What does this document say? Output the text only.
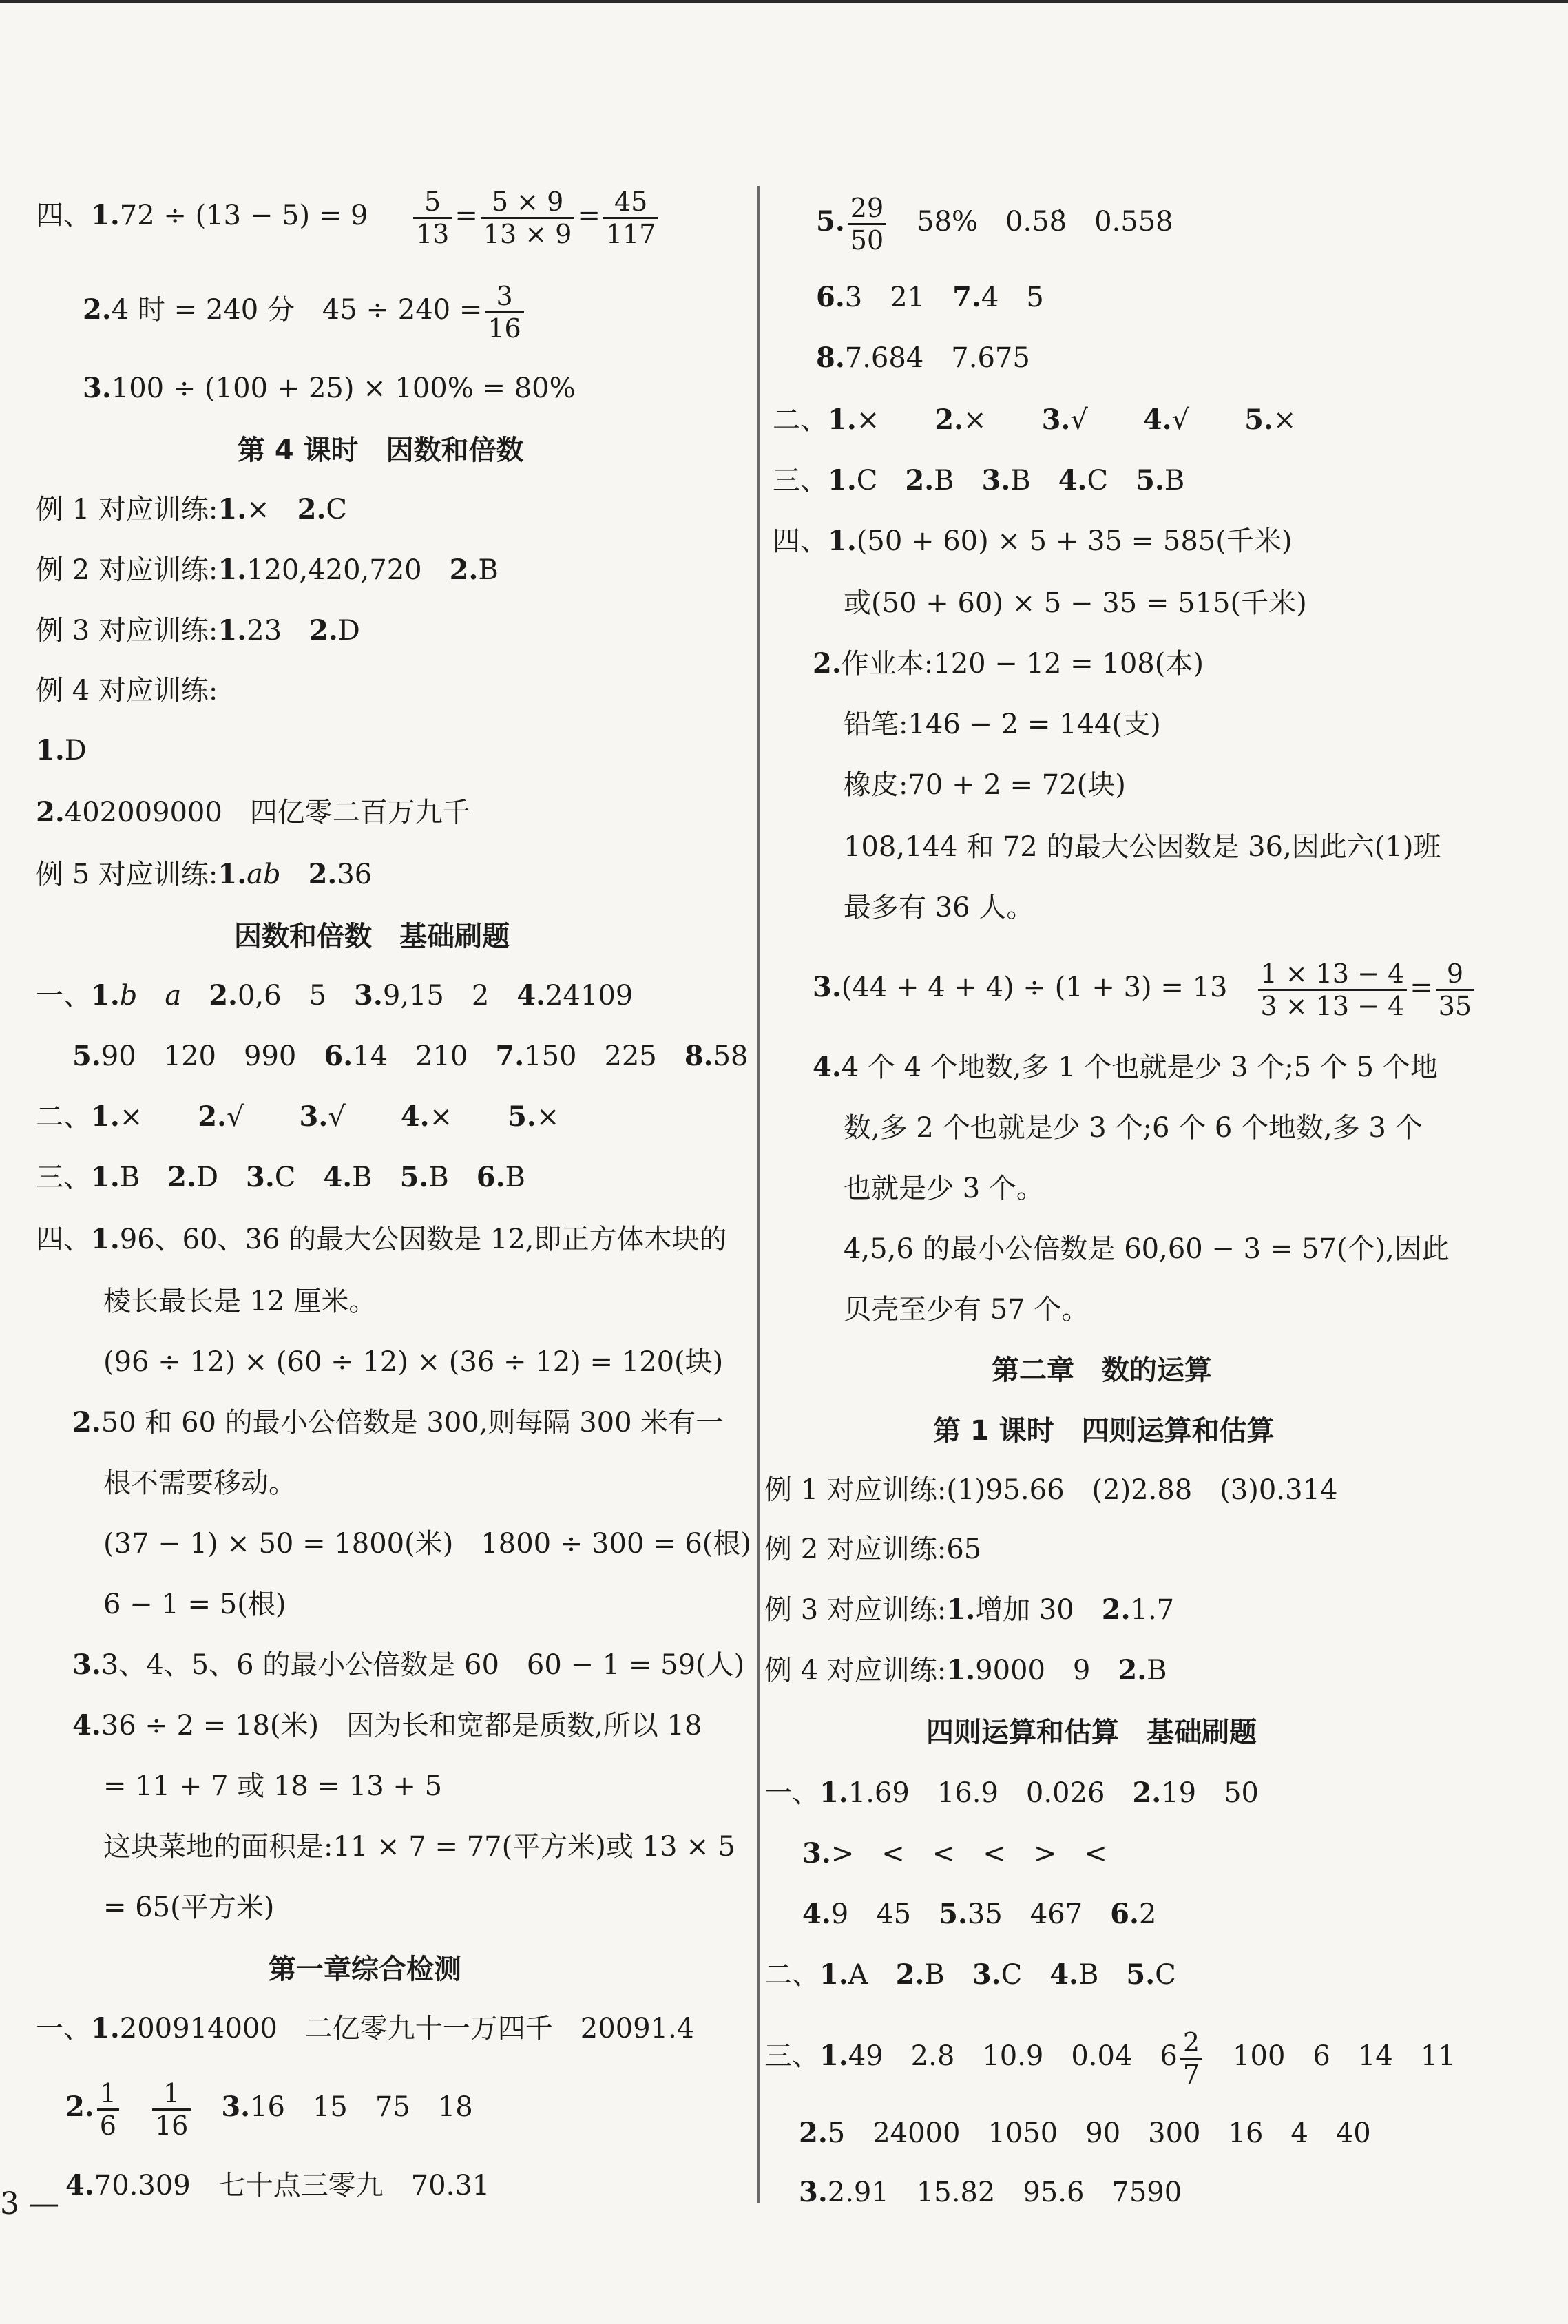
四、$1.72 \div (13 - 5) = 9 \frac{5}{13} = \frac{5 \times 9}{13 \times 9} = \frac{45}{117}$
2.4 时 = 240 分　$45 \div 240 = \frac{3}{16}$
3.100 ÷ (100 + 25) × 100% = 80%
第 4 课时　因数和倍数
例 1 对应训练:1.×　 2.C
例 2 对应训练:1.120,420,720　 2.B
例 3 对应训练:1.23　 2.D
例 4 对应训练:
1.D
2.402009000　四亿零二百万九千
例 5 对应训练:1.ab　 2.36
因数和倍数　基础刷题
一、1.b　a　 2.0,6　5　 3.9,15　2　 4.24109
5.90　120　990　 6.14　210　 7.150　225　 8.58
二、1.×　　 2.√　　 3.√　　 4.×　　 5.×
三、1.B　 2.D　 3.C　 4.B　 5.B　 6.B
四、1.96、60、36 的最大公因数是 12,即正方体木块的
棱长最长是 12 厘米。
(96 ÷ 12) × (60 ÷ 12) × (36 ÷ 12) = 120(块)
2.50 和 60 的最小公倍数是 300,则每隔 300 米有一
根不需要移动。
(37 − 1) × 50 = 1800(米)　1800 ÷ 300 = 6(根)
6 − 1 = 5(根)
3.3、4、5、6 的最小公倍数是 60　60 − 1 = 59(人)
4.36 ÷ 2 = 18(米)　因为长和宽都是质数,所以 18
= 11 + 7 或 18 = 13 + 5
这块菜地的面积是:11 × 7 = 77(平方米)或 13 × 5
= 65(平方米)
第一章综合检测
一、1.200914000　二亿零九十一万四千　20091.4
2. $\frac{1}{6}$
　 $\frac{1}{16}$
　 3.16　15　75　18
4.70.309　七十点三零九　70.31
5. $\frac{29}{50}$
　 58%　0.58̇　0.558
6.3　21　 7.4　5
8.7.684　7.675
二、1.×　　 2.×　　 3.√　　 4.√　　 5.×
三、1.C　 2.B　 3.B　 4.C　 5.B
四、1.(50 + 60) × 5 + 35 = 585(千米)
或(50 + 60) × 5 − 35 = 515(千米)
2.作业本:120 − 12 = 108(本)
铅笔:146 − 2 = 144(支)
橡皮:70 + 2 = 72(块)
108,144 和 72 的最大公因数是 36,因此六(1)班
最多有 36 人。
3.(44 + 4 + 4) ÷ (1 + 3) = 13　 $\frac{1 \times 13 - 4}{3 \times 13 - 4} = \frac{9}{35}$
4.4 个 4 个地数,多 1 个也就是少 3 个;5 个 5 个地
数,多 2 个也就是少 3 个;6 个 6 个地数,多 3 个
也就是少 3 个。
4,5,6 的最小公倍数是 60,60 − 3 = 57(个),因此
贝壳至少有 57 个。
第二章　数的运算
第 1 课时　四则运算和估算
例 1 对应训练:(1)95.66　(2)2.88　(3)0.314
例 2 对应训练:65
例 3 对应训练:1.增加 30　 2.1.7
例 4 对应训练:1.9000　9　 2.B
四则运算和估算　基础刷题
一、1.1.69　16.9　0.026　 2.19　50
3.>　<　<　<　>　<
4.9　45　 5.35　467　 6.2
二、1.A　 2.B　 3.C　 4.B　 5.C
三、1.49　2.8　10.9　0.04　$6 \frac{2}{7}$
　 100　6　14　11
2.5　24000　1050　90　300　16　4　40
3.2.91　15.82　95.6　7590
3 —
